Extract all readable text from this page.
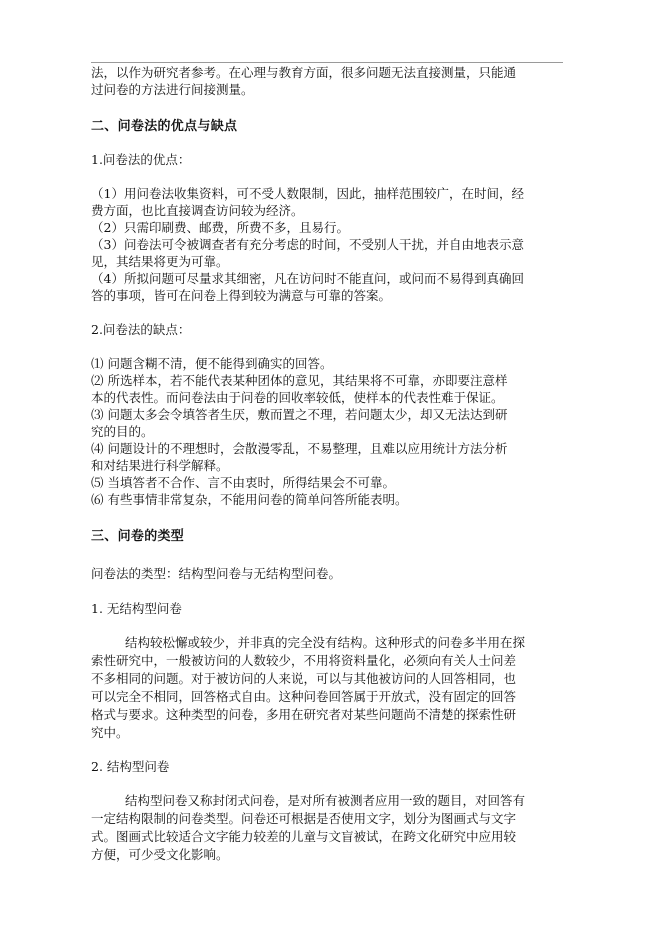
法，以作为研究者参考。在心理与教育方面，很多问题无法直接测量，只能通
过问卷的方法进行间接测量。
二、问卷法的优点与缺点
1.问卷法的优点：
（1）用问卷法收集资料，可不受人数限制，因此，抽样范围较广，在时间，经
费方面，也比直接调查访问较为经济。
（2）只需印刷费、邮费，所费不多，且易行。
（3）问卷法可令被调查者有充分考虑的时间，不受别人干扰，并自由地表示意
见，其结果将更为可靠。
（4）所拟问题可尽量求其细密，凡在访问时不能直问，或问而不易得到真确回
答的事项，皆可在问卷上得到较为满意与可靠的答案。
2.问卷法的缺点：
⑴ 问题含糊不清，便不能得到确实的回答。
⑵ 所选样本，若不能代表某种团体的意见，其结果将不可靠，亦即要注意样
本的代表性。而问卷法由于问卷的回收率较低，使样本的代表性难于保证。
⑶ 问题太多会令填答者生厌，敷而置之不理，若问题太少，却又无法达到研
究的目的。
⑷ 问题设计的不理想时，会散漫零乱，不易整理，且难以应用统计方法分析
和对结果进行科学解释。
⑸ 当填答者不合作、言不由衷时，所得结果会不可靠。
⑹ 有些事情非常复杂，不能用问卷的简单问答所能表明。
三、问卷的类型
问卷法的类型：结构型问卷与无结构型问卷。
1. 无结构型问卷
结构较松懈或较少，并非真的完全没有结构。这种形式的问卷多半用在探
索性研究中，一般被访问的人数较少，不用将资料量化，必须向有关人士问差
不多相同的问题。对于被访问的人来说，可以与其他被访问的人回答相同，也
可以完全不相同，回答格式自由。这种问卷回答属于开放式，没有固定的回答
格式与要求。这种类型的问卷，多用在研究者对某些问题尚不清楚的探索性研
究中。
2. 结构型问卷
结构型问卷又称封闭式问卷，是对所有被测者应用一致的题目，对回答有
一定结构限制的问卷类型。问卷还可根据是否使用文字，划分为图画式与文字
式。图画式比较适合文字能力较差的儿童与文盲被试，在跨文化研究中应用较
方便，可少受文化影响。
